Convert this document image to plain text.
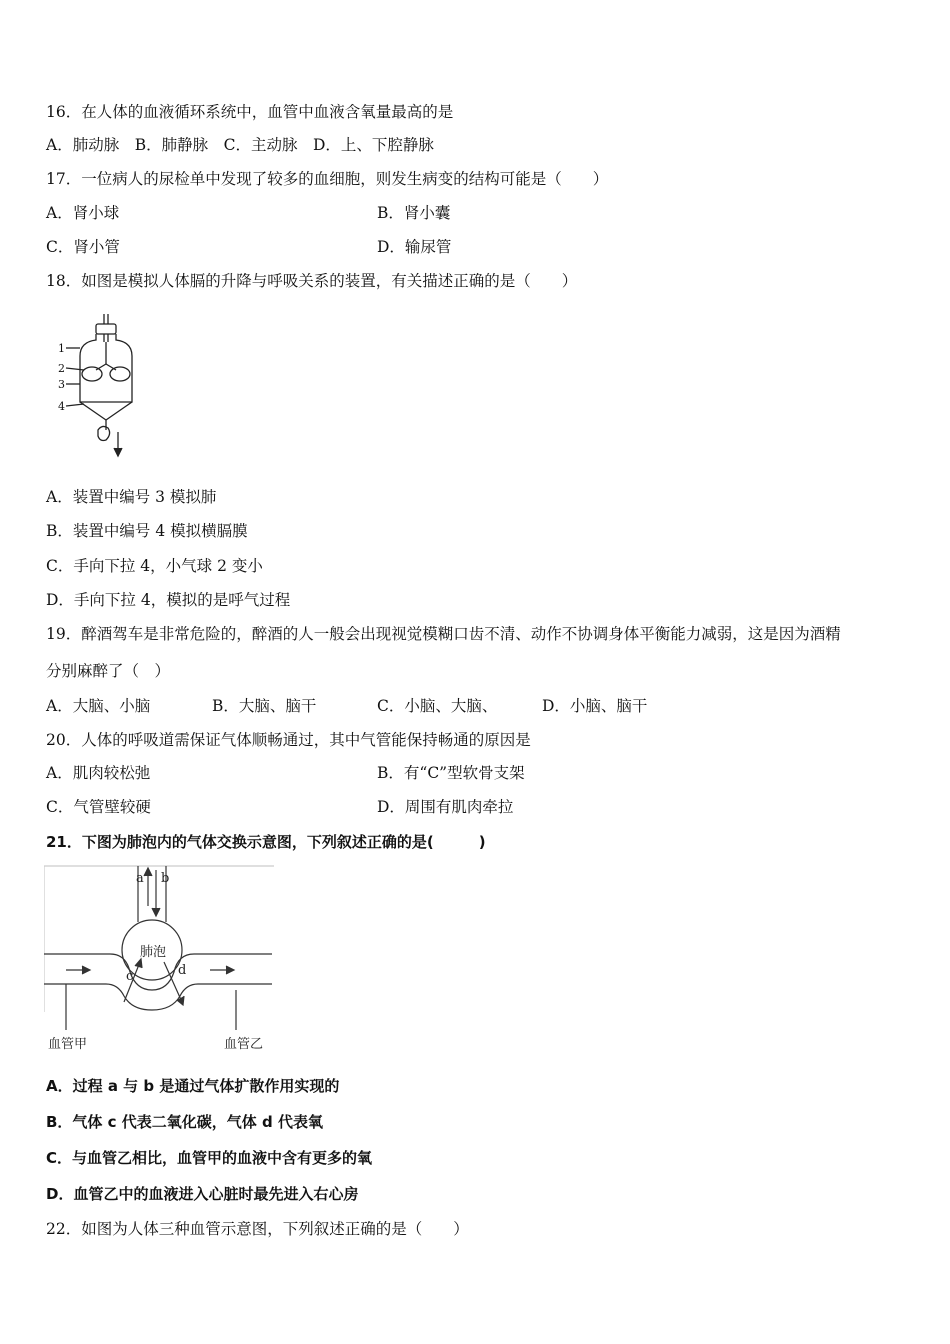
16．在人体的血液循环系统中，血管中血液含氧量最高的是
A．肺动脉　B．肺静脉　C．主动脉　D．上、下腔静脉
17．一位病人的尿检单中发现了较多的血细胞，则发生病变的结构可能是（　　）
A．肾小球	B．肾小囊
C．肾小管	D．输尿管
18．如图是模拟人体膈的升降与呼吸关系的装置，有关描述正确的是（　　）
1
2
3
4
A．装置中编号 3 模拟肺
B．装置中编号 4 模拟横膈膜
C．手向下拉 4，小气球 2 变小
D．手向下拉 4，模拟的是呼气过程
19．醉酒驾车是非常危险的，醉酒的人一般会出现视觉模糊口齿不清、动作不协调身体平衡能力减弱，这是因为酒精
分别麻醉了（　）
A．大脑、小脑	B．大脑、脑干	C．小脑、大脑、	D．小脑、脑干
20．人体的呼吸道需保证气体顺畅通过，其中气管能保持畅通的原因是
A．肌肉较松弛	B．有“C”型软骨支架
C．气管壁较硬	D．周围有肌肉牵拉
21．下图为肺泡内的气体交换示意图，下列叙述正确的是(　　　)
a b
肺泡
c	d
血管甲	血管乙
A．过程 a 与 b 是通过气体扩散作用实现的
B．气体 c 代表二氧化碳，气体 d 代表氧
C．与血管乙相比，血管甲的血液中含有更多的氧
D．血管乙中的血液进入心脏时最先进入右心房
22．如图为人体三种血管示意图，下列叙述正确的是（　　）
